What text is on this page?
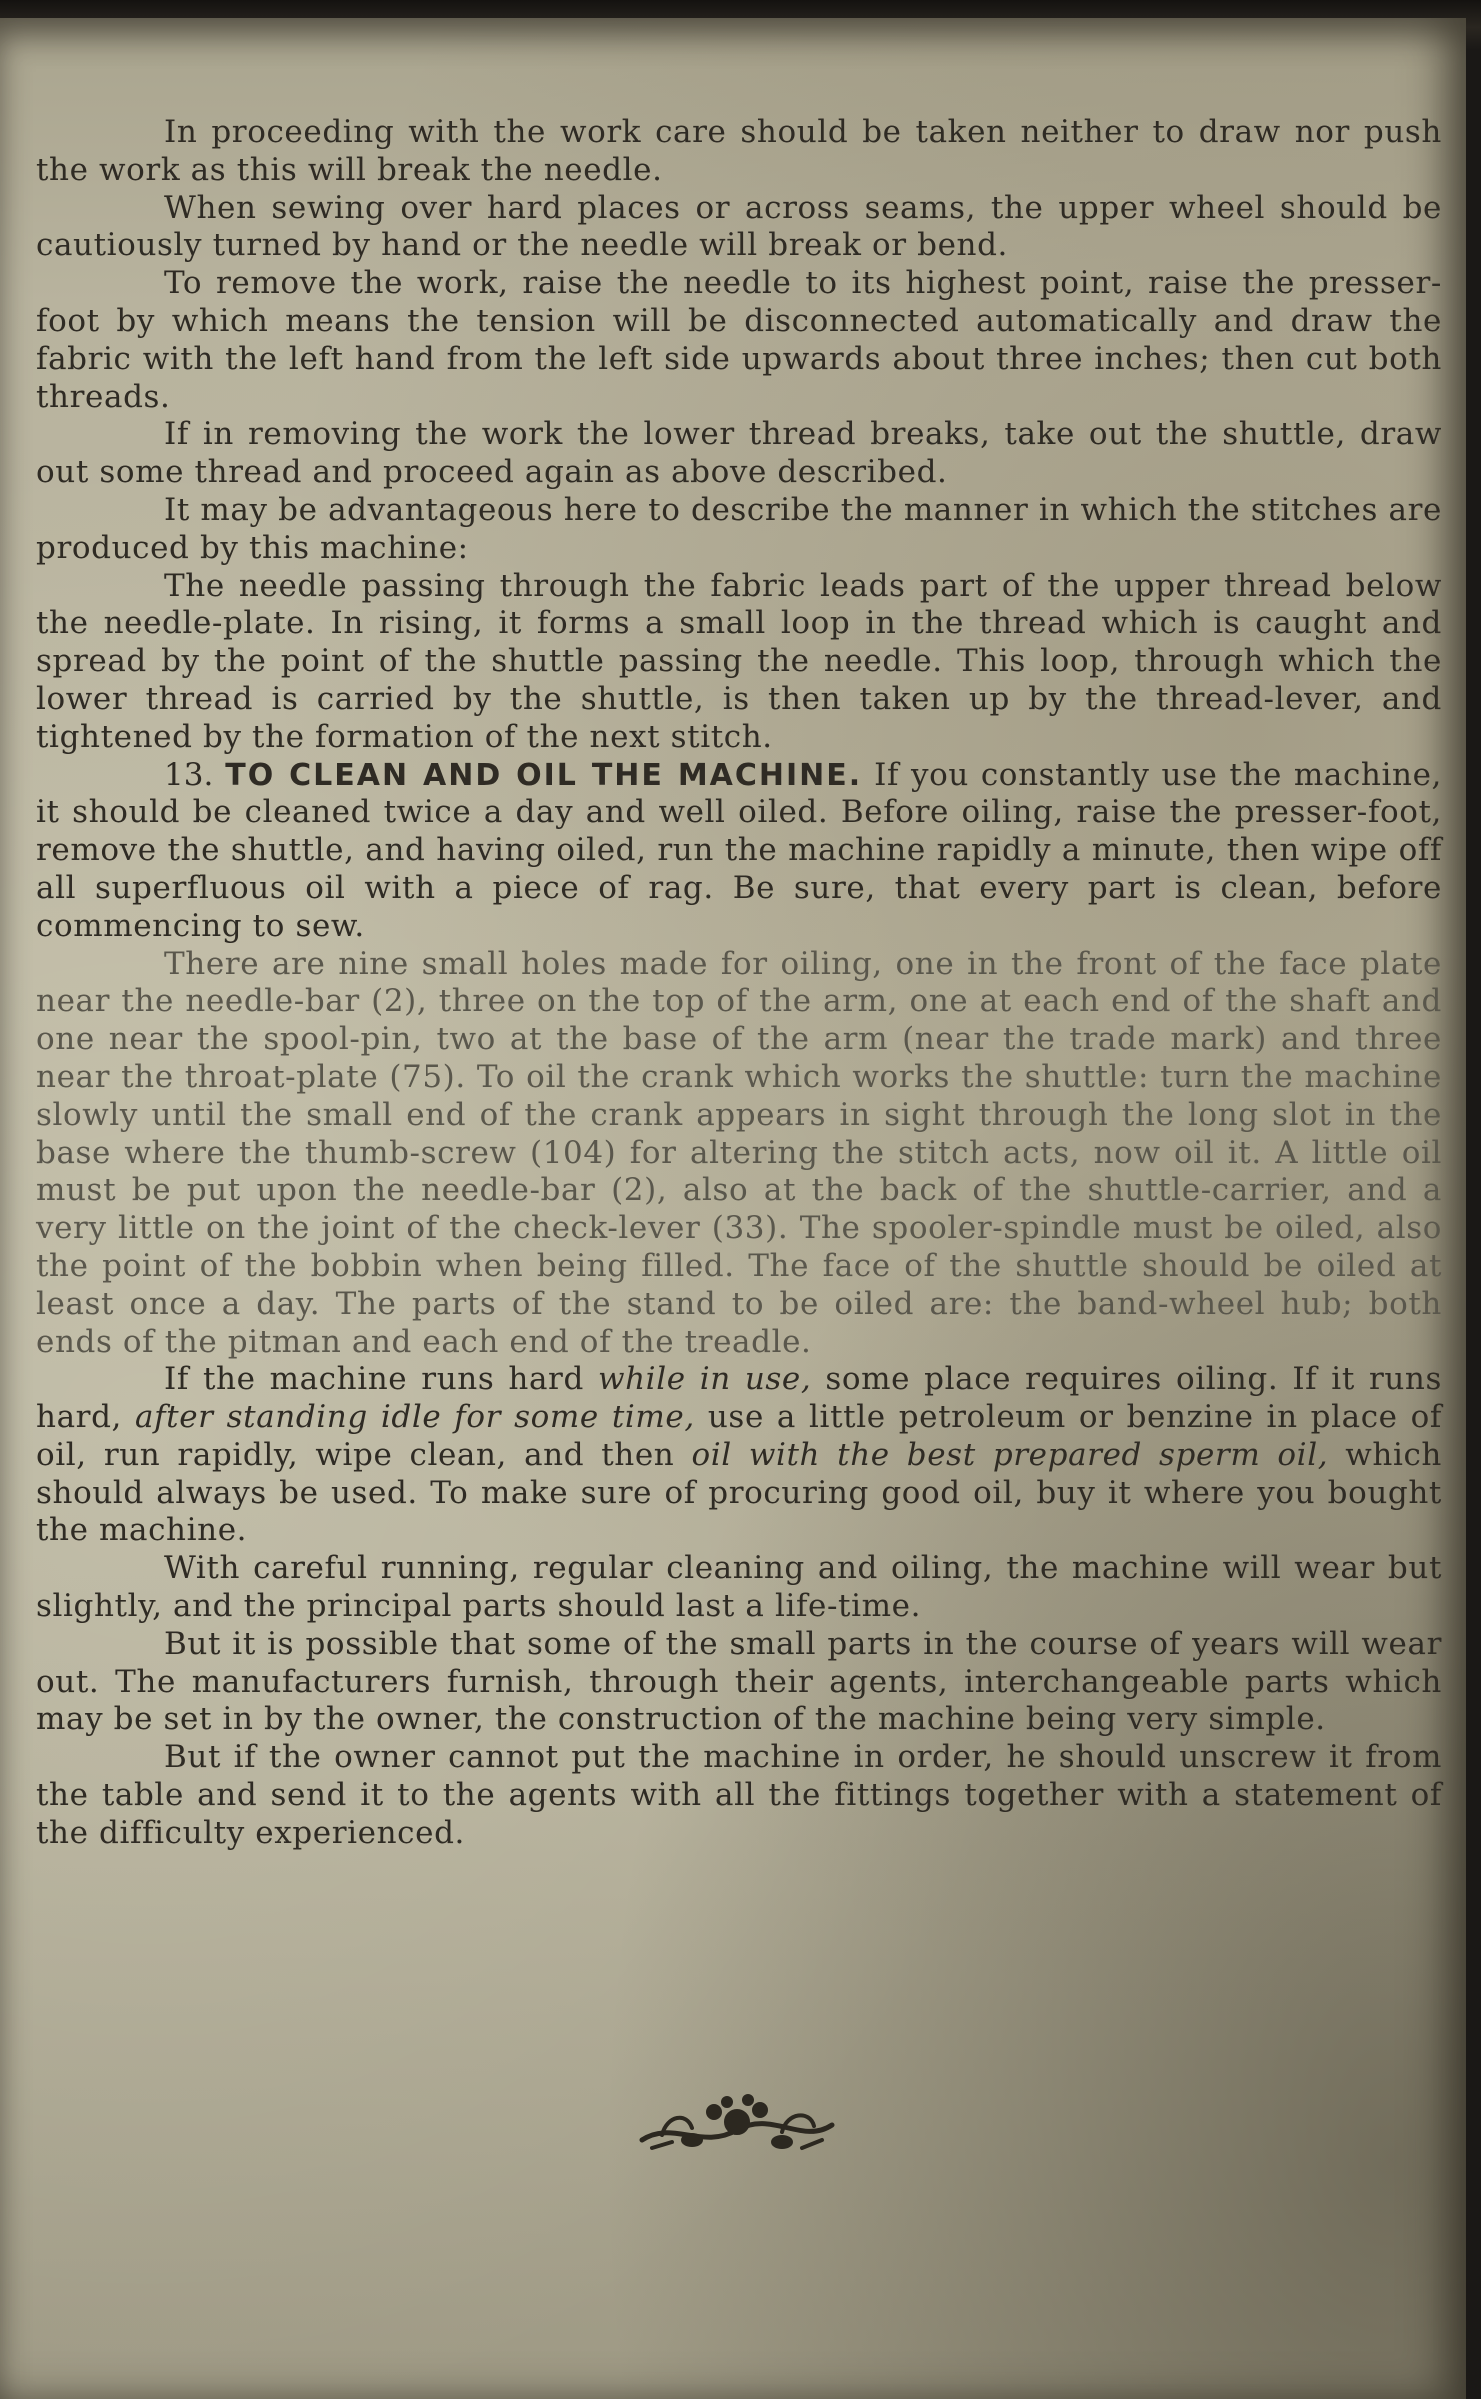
In proceeding with the work care should be taken neither to draw nor push the work as this will break the needle.

When sewing over hard places or across seams, the upper wheel should be cautiously turned by hand or the needle will break or bend.

To remove the work, raise the needle to its highest point, raise the presser-foot by which means the tension will be disconnected automatically and draw the fabric with the left hand from the left side upwards about three inches; then cut both threads.

If in removing the work the lower thread breaks, take out the shuttle, draw out some thread and proceed again as above described.

It may be advantageous here to describe the manner in which the stitches are produced by this machine:

The needle passing through the fabric leads part of the upper thread below the needle-plate. In rising, it forms a small loop in the thread which is caught and spread by the point of the shuttle passing the needle. This loop, through which the lower thread is carried by the shuttle, is then taken up by the thread-lever, and tightened by the formation of the next stitch.

13. TO CLEAN AND OIL THE MACHINE. If you constantly use the machine, it should be cleaned twice a day and well oiled. Before oiling, raise the presser-foot, remove the shuttle, and having oiled, run the machine rapidly a minute, then wipe off all superfluous oil with a piece of rag. Be sure, that every part is clean, before commencing to sew.

There are nine small holes made for oiling, one in the front of the face plate near the needle-bar (2), three on the top of the arm, one at each end of the shaft and one near the spool-pin, two at the base of the arm (near the trade mark) and three near the throat-plate (75). To oil the crank which works the shuttle: turn the machine slowly until the small end of the crank appears in sight through the long slot in the base where the thumb-screw (104) for altering the stitch acts, now oil it. A little oil must be put upon the needle-bar (2), also at the back of the shuttle-carrier, and a very little on the joint of the check-lever (33). The spooler-spindle must be oiled, also the point of the bobbin when being filled. The face of the shuttle should be oiled at least once a day. The parts of the stand to be oiled are: the band-wheel hub; both ends of the pitman and each end of the treadle.

If the machine runs hard while in use, some place requires oiling. If it runs hard, after standing idle for some time, use a little petroleum or benzine in place of oil, run rapidly, wipe clean, and then oil with the best prepared sperm oil, which should always be used. To make sure of procuring good oil, buy it where you bought the machine.

With careful running, regular cleaning and oiling, the machine will wear but slightly, and the principal parts should last a life-time.

But it is possible that some of the small parts in the course of years will wear out. The manufacturers furnish, through their agents, interchangeable parts which may be set in by the owner, the construction of the machine being very simple.

But if the owner cannot put the machine in order, he should unscrew it from the table and send it to the agents with all the fittings together with a statement of the difficulty experienced.
